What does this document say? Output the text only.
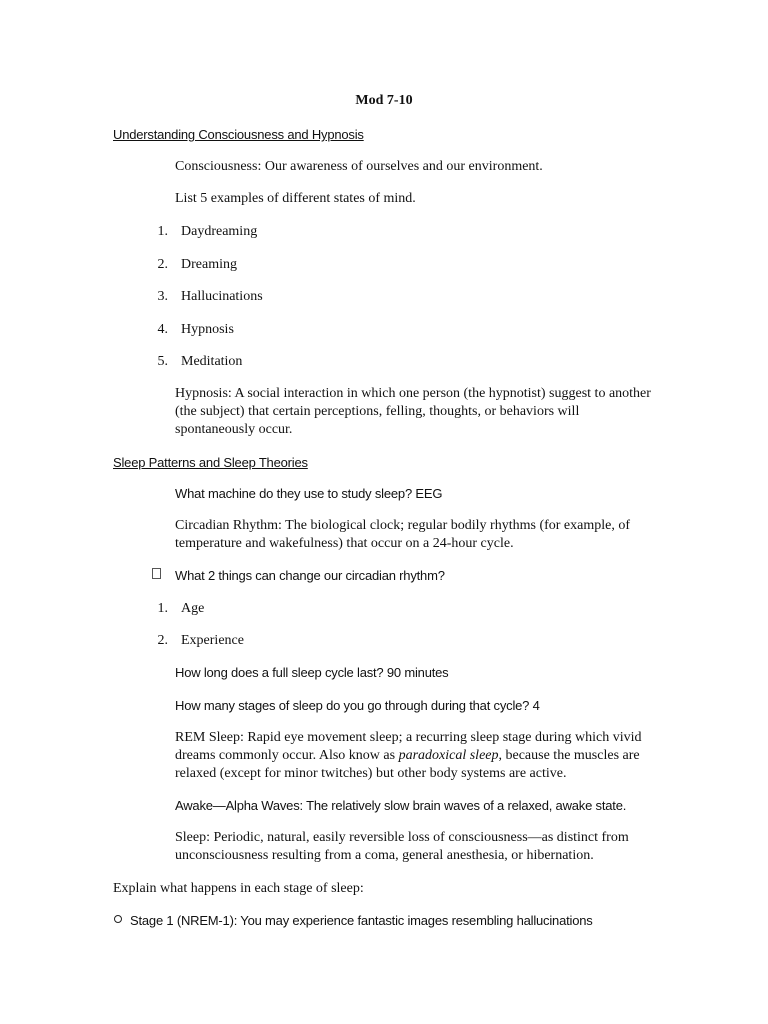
Mod 7-10
Understanding Consciousness and Hypnosis
Consciousness: Our awareness of ourselves and our environment.
List 5 examples of different states of mind.
1. Daydreaming
2. Dreaming
3. Hallucinations
4. Hypnosis
5. Meditation
Hypnosis: A social interaction in which one person (the hypnotist) suggest to another (the subject) that certain perceptions, felling, thoughts, or behaviors will spontaneously occur.
Sleep Patterns and Sleep Theories
What machine do they use to study sleep? EEG
Circadian Rhythm: The biological clock; regular bodily rhythms (for example, of temperature and wakefulness) that occur on a 24-hour cycle.
What 2 things can change our circadian rhythm?
1. Age
2. Experience
How long does a full sleep cycle last? 90 minutes
How many stages of sleep do you go through during that cycle? 4
REM Sleep: Rapid eye movement sleep; a recurring sleep stage during which vivid dreams commonly occur. Also know as paradoxical sleep, because the muscles are relaxed (except for minor twitches) but other body systems are active.
Awake—Alpha Waves: The relatively slow brain waves of a relaxed, awake state.
Sleep: Periodic, natural, easily reversible loss of consciousness—as distinct from unconsciousness resulting from a coma, general anesthesia, or hibernation.
Explain what happens in each stage of sleep:
Stage 1 (NREM-1): You may experience fantastic images resembling hallucinations
